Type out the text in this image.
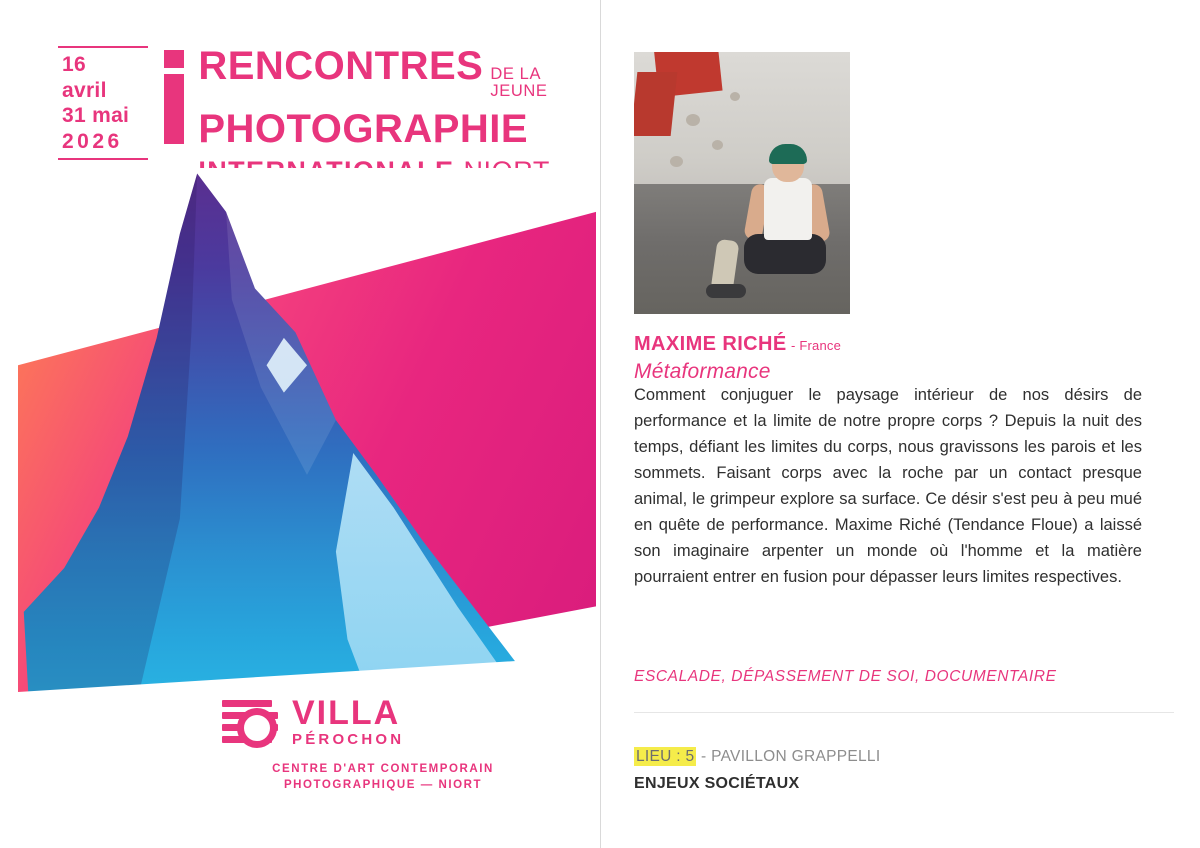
16 avril
31 mai
2026
RENCONTRES DE LA JEUNE
PHOTOGRAPHIE
VILLA
PÉROCHON
CENTRE D'ART CONTEMPORAIN
PHOTOGRAPHIQUE — NIORT
MAXIME RICHÉ - France
Métaformance
Comment conjuguer le paysage intérieur de nos désirs de performance et la limite de notre propre corps ? Depuis la nuit des temps, défiant les limites du corps, nous gravissons les parois et les sommets. Faisant corps avec la roche par un contact presque animal, le grimpeur explore sa surface. Ce désir s'est peu à peu mué en quête de performance. Maxime Riché (Tendance Floue) a laissé son imaginaire arpenter un monde où l'homme et la matière pourraient entrer en fusion pour dépasser leurs limites respectives.
ESCALADE, DÉPASSEMENT DE SOI, DOCUMENTAIRE
LIEU : 5 - PAVILLON GRAPPELLI
ENJEUX SOCIÉTAUX
